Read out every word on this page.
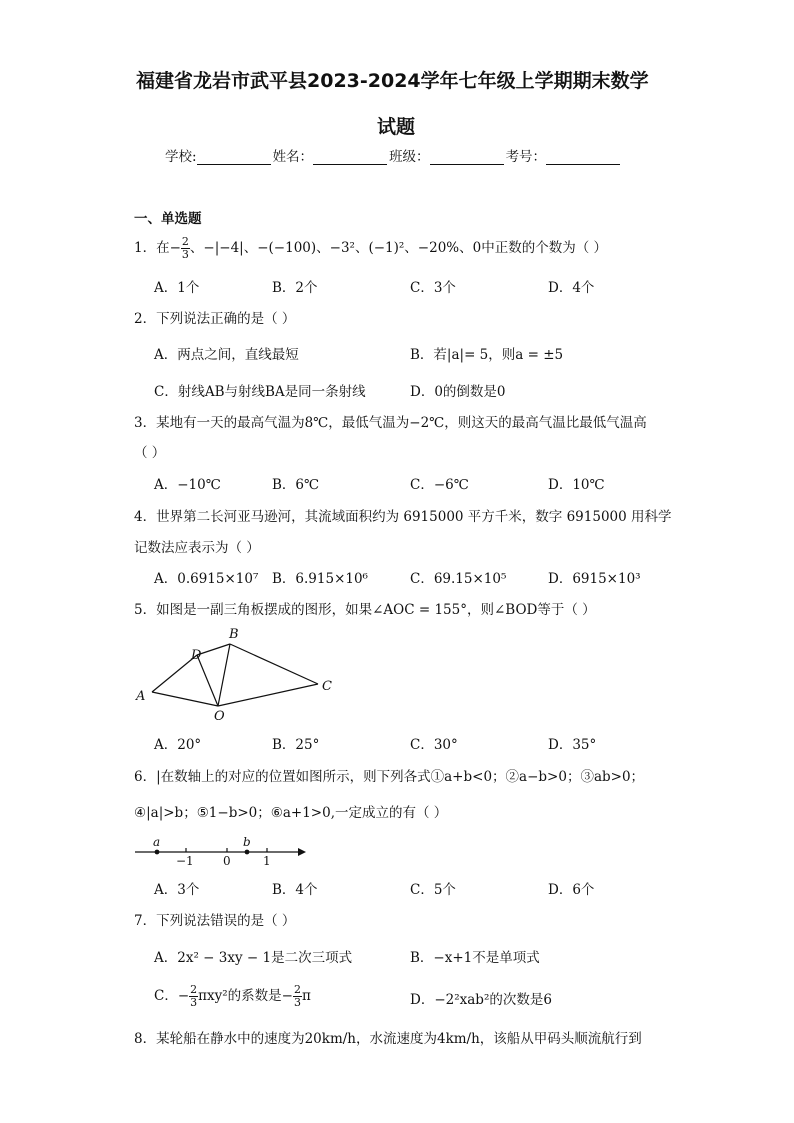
福建省龙岩市武平县2023-2024学年七年级上学期期末数学
试题
学校:	姓名：	班级：	考号：
一、单选题
1．在− $\frac{2}{3}$ 、−|−4|、−(−100)、−3²、(−1)²、−20%、0中正数的个数为（ ）
A．1个	B．2个	C．3个	D．4个
2．下列说法正确的是（ ）
A．两点之间，直线最短	B．若|a|= 5，则a = ±5
C．射线AB与射线BA是同一条射线	D．0的倒数是0
3．某地有一天的最高气温为8℃，最低气温为−2℃，则这天的最高气温比最低气温高
（ ）
A．−10℃	B．6℃	C．−6℃	D．10℃
4．世界第二长河亚马逊河，其流域面积约为 6915000 平方千米，数字 6915000 用科学
记数法应表示为（ ）
A．0.6915×10⁷ B．6.915×10⁶	C．69.15×10⁵	D．6915×10³
5．如图是一副三角板摆成的图形，如果∠AOC = 155°，则∠BOD等于（ ）
A
B
C
D
O
A．20°	B．25°	C．30°	D．35°
6．|在数轴上的对应的位置如图所示，则下列各式①a+b<0；②a−b>0；③ab>0；
④|a|>b；⑤1−b>0；⑥a+1>0,一定成立的有（ ）
a	b
−1 0	1
A．3个	B．4个	C．5个	D．6个
7．下列说法错误的是（ ）
A．2x² − 3xy − 1是二次三项式	B．−x+1不是单项式
C．− $\frac{2}{3} \pi xy^2$的系数是− $\frac{2}{3}$ π	D．−2²xab²的次数是6
8．某轮船在静水中的速度为20km/h，水流速度为4km/h，该船从甲码头顺流航行到
